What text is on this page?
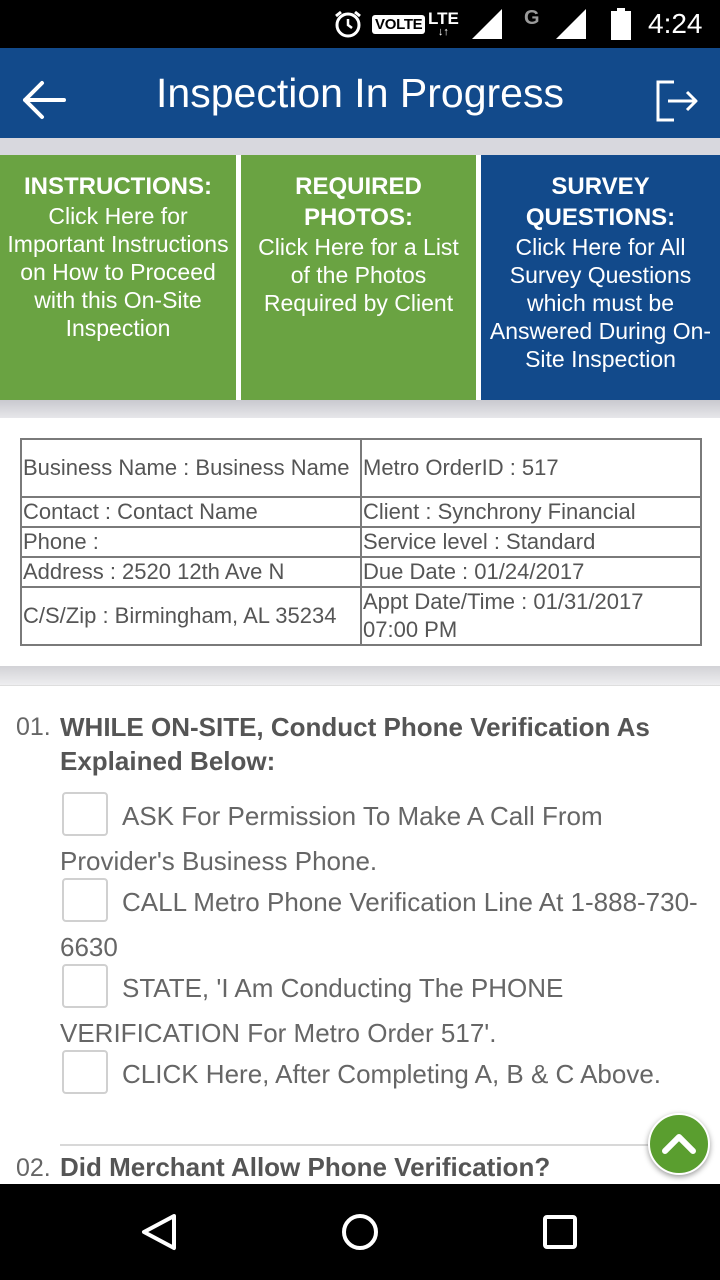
VOLTE LTE
↓↑
G	4:24
Inspection In Progress
INSTRUCTIONS:
Click Here for Important Instructions on How to Proceed with this On-Site Inspection
REQUIRED PHOTOS:
Click Here for a List of the Photos Required by Client
SURVEY QUESTIONS:
Click Here for All Survey Questions which must be Answered During On-Site Inspection
Business Name : Business Name	Metro OrderID : 517
Contact : Contact Name	Client : Synchrony Financial
Phone :	Service level : Standard
Address : 2520 12th Ave N	Due Date : 01/24/2017
C/S/Zip : Birmingham, AL 35234	Appt Date/Time : 01/31/2017 07:00 PM
01. WHILE ON-SITE, Conduct Phone Verification As Explained Below:
ASK For Permission To Make A Call From Provider's Business Phone.
CALL Metro Phone Verification Line At 1-888-730-6630
STATE, 'I Am Conducting The PHONE VERIFICATION For Metro Order 517'.
CLICK Here, After Completing A, B & C Above.
02. Did Merchant Allow Phone Verification?
